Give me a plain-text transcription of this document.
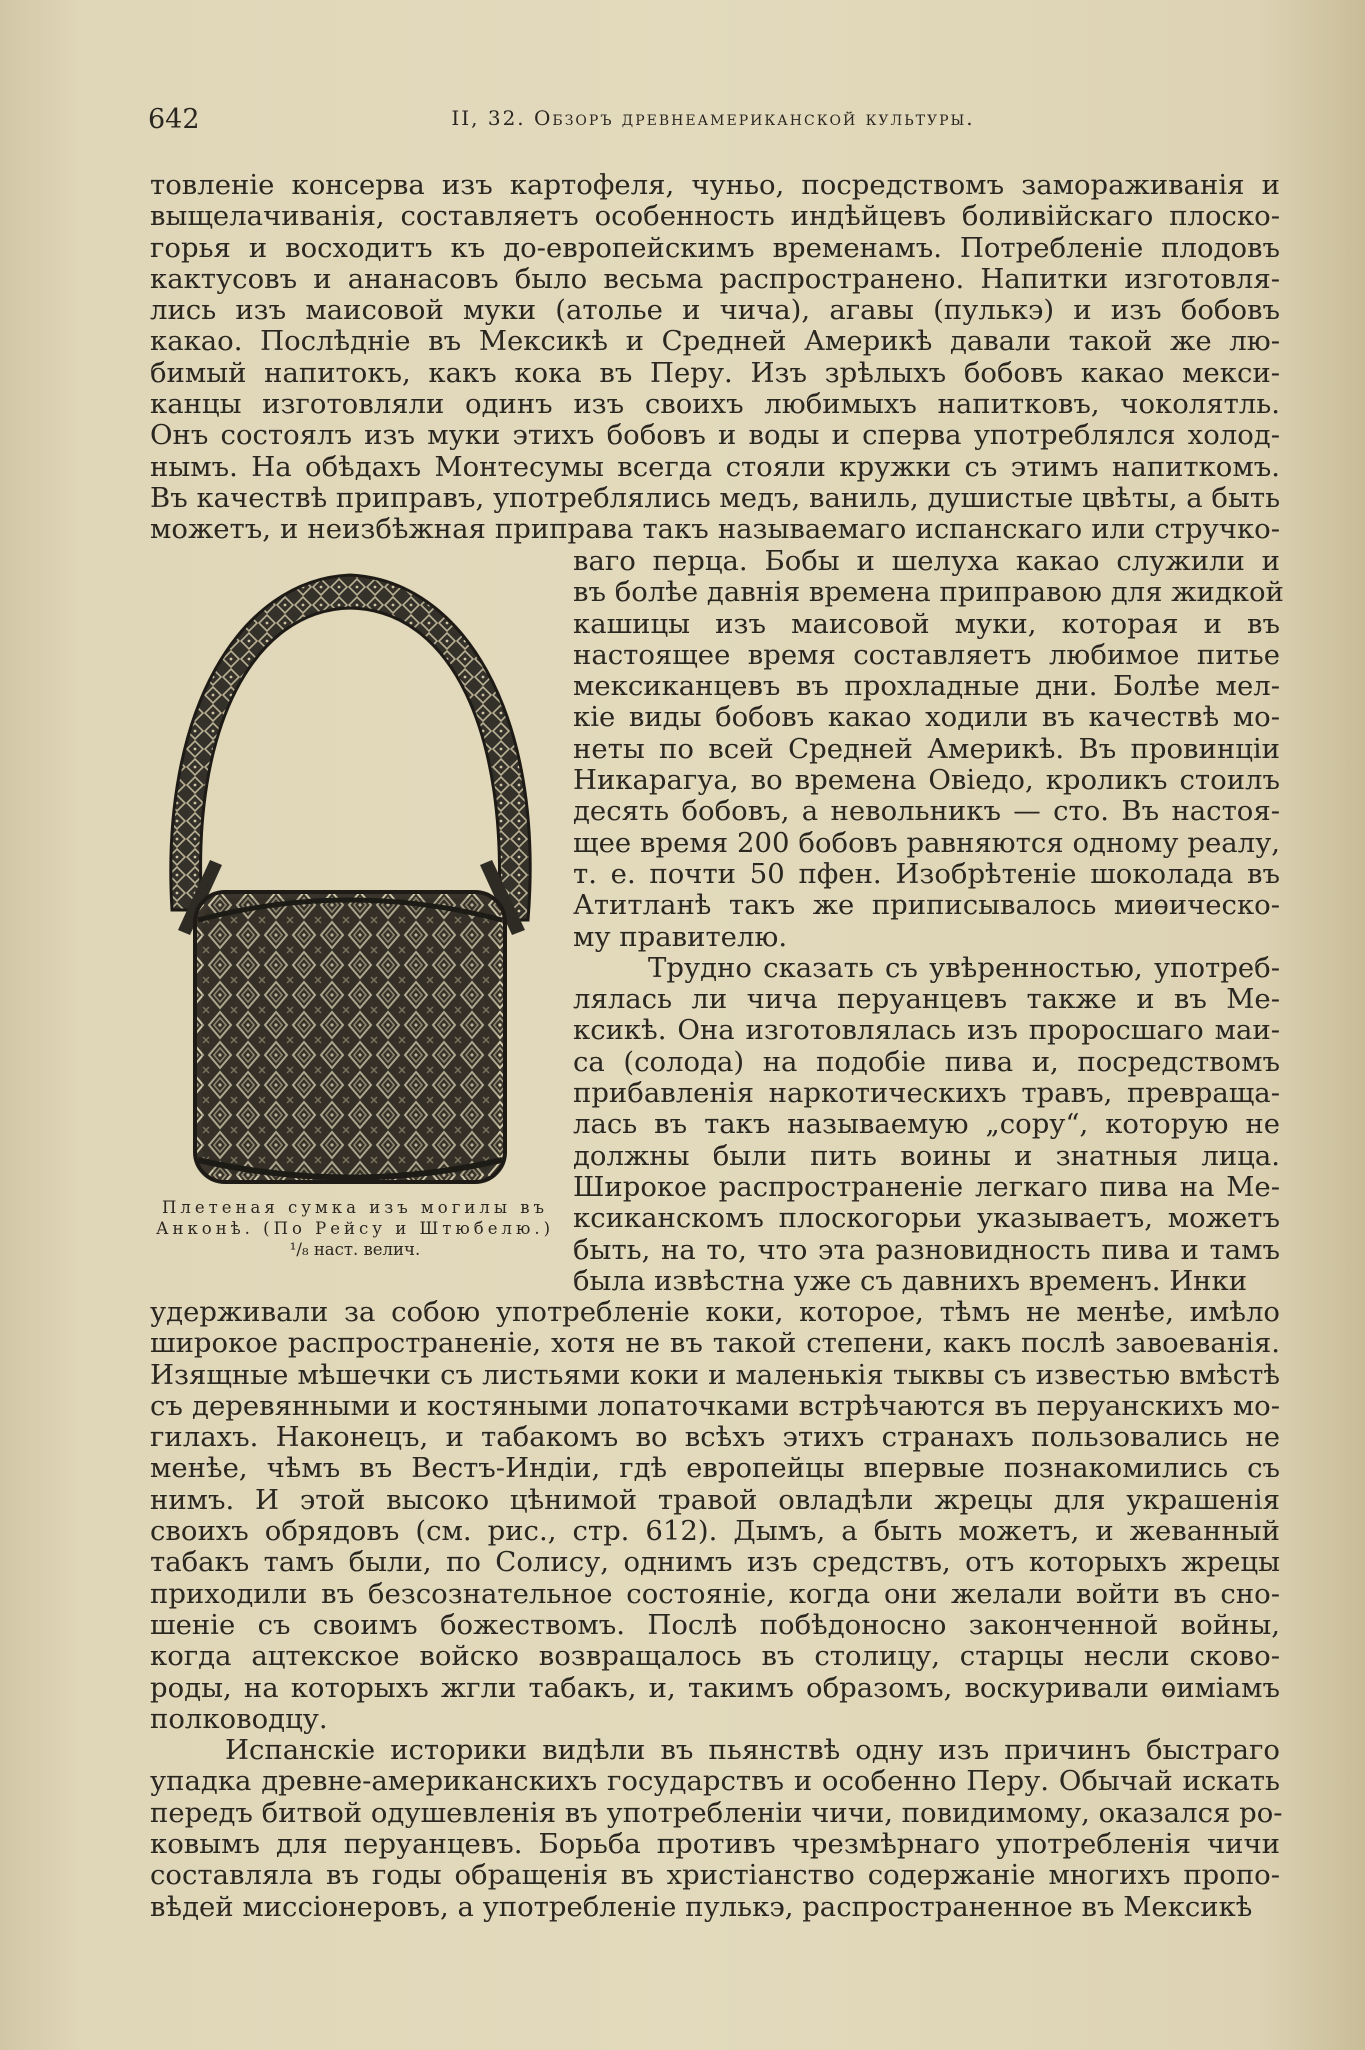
642	II, 32. Обзоръ древнеамериканской культуры.
товленіе консерва изъ картофеля, чуньо, посредствомъ замораживанія и
выщелачиванія, составляетъ особенность индѣйцевъ боливійскаго плоско-
горья и восходитъ къ до-европейскимъ временамъ. Потребленіе плодовъ
кактусовъ и ананасовъ было весьма распространено. Напитки изготовля-
лись изъ маисовой муки (атолье и чича), агавы (пулькэ) и изъ бобовъ
какао. Послѣдніе въ Мексикѣ и Средней Америкѣ давали такой же лю-
бимый напитокъ, какъ кока въ Перу. Изъ зрѣлыхъ бобовъ какао мекси-
канцы изготовляли одинъ изъ своихъ любимыхъ напитковъ, чоколятль.
Онъ состоялъ изъ муки этихъ бобовъ и воды и сперва употреблялся холод-
нымъ. На обѣдахъ Монтесумы всегда стояли кружки съ этимъ напиткомъ.
Въ качествѣ приправъ, употреблялись медъ, ваниль, душистые цвѣты, а быть
можетъ, и неизбѣжная приправа такъ называемаго испанскаго или стручко-
Плетеная сумка изъ могилы въ
Анконѣ. (По Рейсу и Штюбелю.)
¹/₈ наст. велич.
ваго перца. Бобы и шелуха какао служили и
въ болѣе давнія времена приправою для жидкой
кашицы изъ маисовой муки, которая и въ
настоящее время составляетъ любимое питье
мексиканцевъ въ прохладные дни. Болѣе мел-
кіе виды бобовъ какао ходили въ качествѣ мо-
неты по всей Средней Америкѣ. Въ провинціи
Никарагуа, во времена Овіедо, кроликъ стоилъ
десять бобовъ, а невольникъ — сто. Въ настоя-
щее время 200 бобовъ равняются одному реалу,
т. е. почти 50 пфен. Изобрѣтеніе шоколада въ
Атитланѣ такъ же приписывалось миѳическо-
му правителю.
Трудно сказать съ увѣренностью, употреб-
лялась ли чича перуанцевъ также и въ Ме-
ксикѣ. Она изготовлялась изъ проросшаго маи-
са (солода) на подобіе пива и, посредствомъ
прибавленія наркотическихъ травъ, превраща-
лась въ такъ называемую „сору“, которую не
должны были пить воины и знатныя лица.
Широкое распространеніе легкаго пива на Ме-
ксиканскомъ плоскогорьи указываетъ, можетъ
быть, на то, что эта разновидность пива и тамъ
была извѣстна уже съ давнихъ временъ. Инки
удерживали за собою употребленіе коки, которое, тѣмъ не менѣе, имѣло
широкое распространеніе, хотя не въ такой степени, какъ послѣ завоеванія.
Изящные мѣшечки съ листьями коки и маленькія тыквы съ известью вмѣстѣ
съ деревянными и костяными лопаточками встрѣчаются въ перуанскихъ мо-
гилахъ. Наконецъ, и табакомъ во всѣхъ этихъ странахъ пользовались не
менѣе, чѣмъ въ Вестъ-Индіи, гдѣ европейцы впервые познакомились съ
нимъ. И этой высоко цѣнимой травой овладѣли жрецы для украшенія
своихъ обрядовъ (см. рис., стр. 612). Дымъ, а быть можетъ, и жеванный
табакъ тамъ были, по Солису, однимъ изъ средствъ, отъ которыхъ жрецы
приходили въ безсознательное состояніе, когда они желали войти въ сно-
шеніе съ своимъ божествомъ. Послѣ побѣдоносно законченной войны,
когда ацтекское войско возвращалось въ столицу, старцы несли сково-
роды, на которыхъ жгли табакъ, и, такимъ образомъ, воскуривали ѳиміамъ
полководцу.
Испанскіе историки видѣли въ пьянствѣ одну изъ причинъ быстраго
упадка древне-американскихъ государствъ и особенно Перу. Обычай искать
передъ битвой одушевленія въ употребленіи чичи, повидимому, оказался ро-
ковымъ для перуанцевъ. Борьба противъ чрезмѣрнаго употребленія чичи
составляла въ годы обращенія въ христіанство содержаніе многихъ пропо-
вѣдей миссіонеровъ, а употребленіе пулькэ, распространенное въ Мексикѣ
